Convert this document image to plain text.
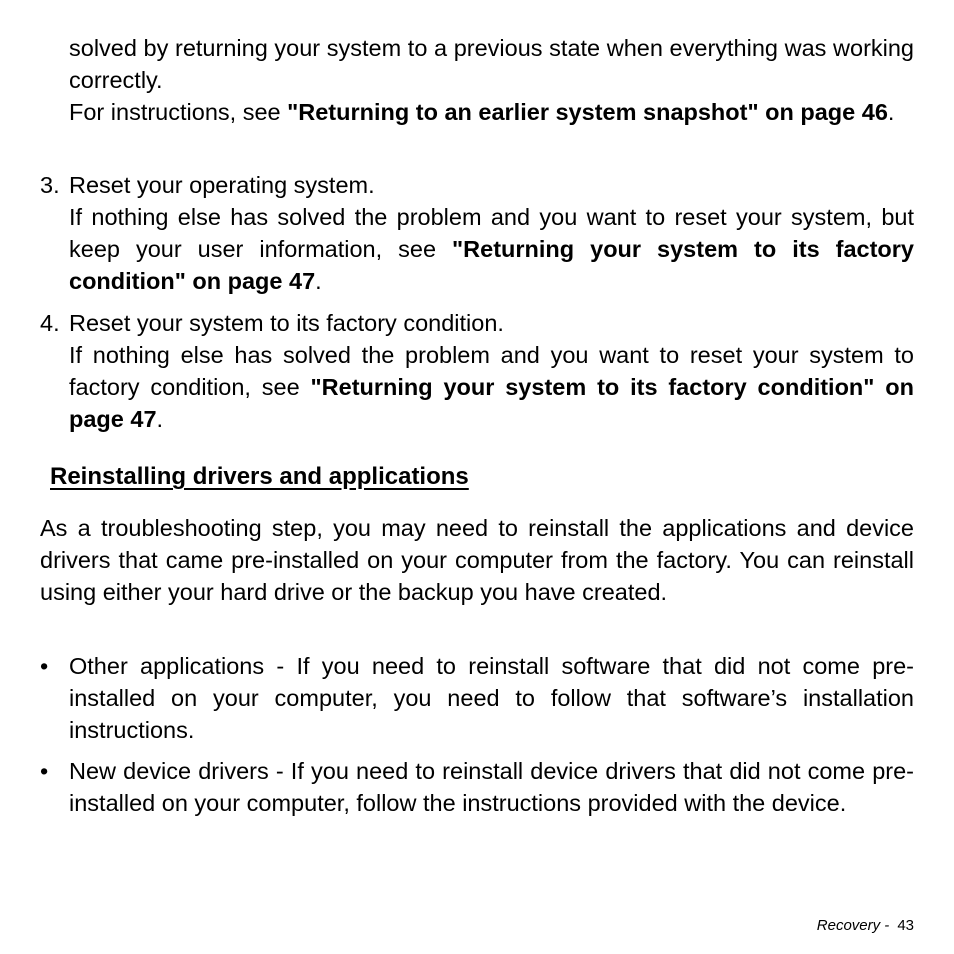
solved by returning your system to a previous state when everything was working correctly.

For instructions, see "Returning to an earlier system snapshot" on page 46.

3. Reset your operating system.

If nothing else has solved the problem and you want to reset your system, but keep your user information, see "Returning your system to its factory condition" on page 47.

4. Reset your system to its factory condition.

If nothing else has solved the problem and you want to reset your system to factory condition, see "Returning your system to its factory condition" on page 47.

Reinstalling drivers and applications

As a troubleshooting step, you may need to reinstall the applications and device drivers that came pre-installed on your computer from the factory. You can reinstall using either your hard drive or the backup you have created.

• Other applications - If you need to reinstall software that did not come pre-installed on your computer, you need to follow that software’s installation instructions.

• New device drivers - If you need to reinstall device drivers that did not come pre-installed on your computer, follow the instructions provided with the device.

Recovery - 43
